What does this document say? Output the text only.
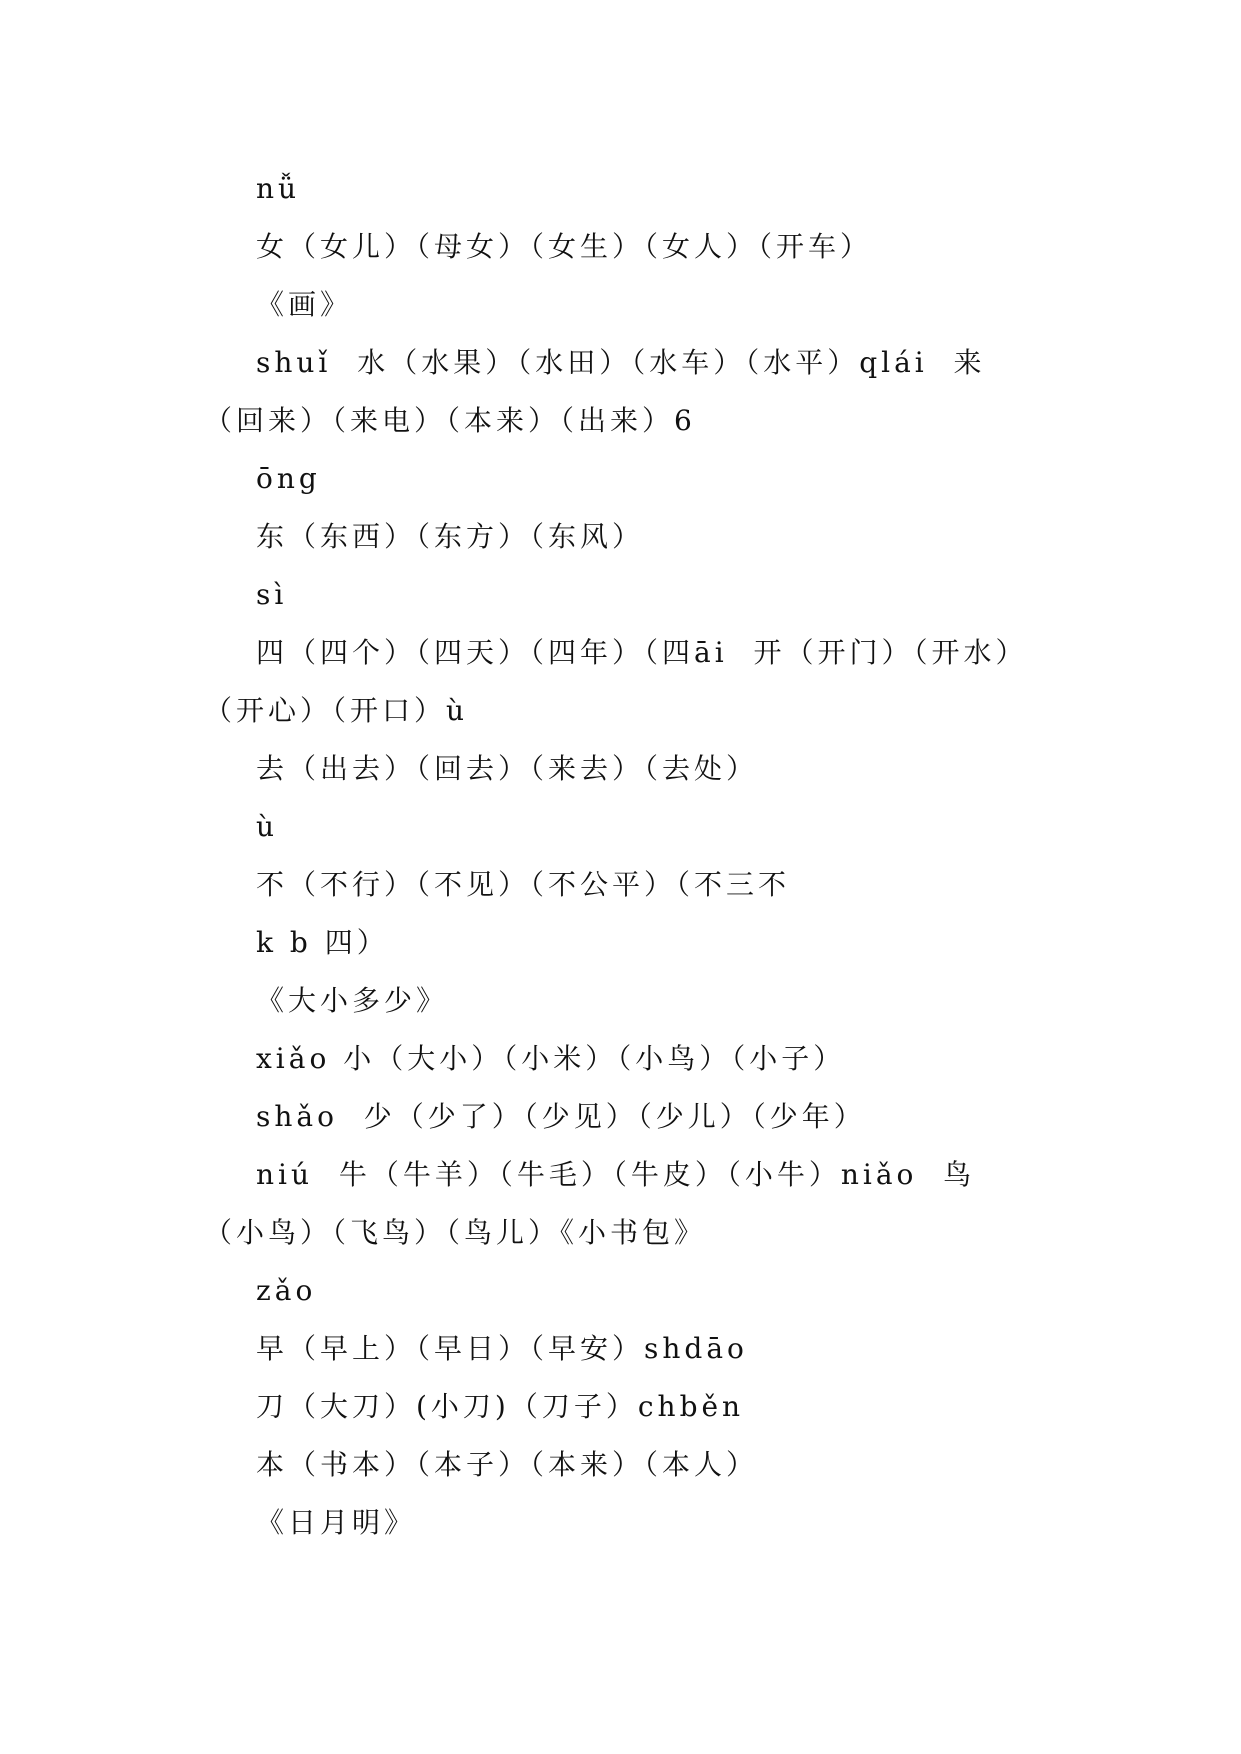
nǚ
女（女儿）（母女）（女生）（女人）（开车）
《画》
shuǐ  水（水果）（水田）（水车）（水平）qlái  来
（回来）（来电）（本来）（出来）6
ōng
东（东西）（东方）（东风）
sì
四（四个）（四天）（四年）（四āi  开（开门）（开水）
（开心）（开口）ù
去（出去）（回去）（来去）（去处）
ù
不（不行）（不见）（不公平）（不三不
k b 四）
《大小多少》
xiǎo 小（大小）（小米）（小鸟）（小子）
shǎo  少（少了）（少见）（少儿）（少年）
niú  牛（牛羊）（牛毛）（牛皮）（小牛）niǎo  鸟
（小鸟）（飞鸟）（鸟儿）《小书包》
zǎo
早（早上）（早日）（早安）shdāo
刀（大刀）(小刀)（刀子）chběn
本（书本）（本子）（本来）（本人）
《日月明》
